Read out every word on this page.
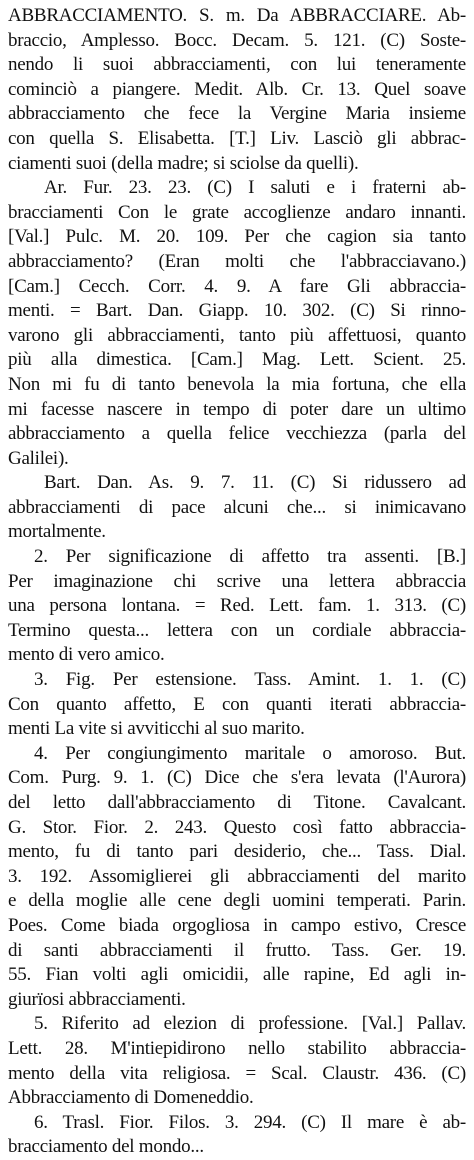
ABBRACCIAMENTO. S. m. Da ABBRACCIARE. Ab-
braccio, Amplesso. Bocc. Decam. 5. 121. (C) Soste-
nendo li suoi abbracciamenti, con lui teneramente
cominciò a piangere. Medit. Alb. Cr. 13. Quel soave
abbracciamento che fece la Vergine Maria insieme
con quella S. Elisabetta. [T.] Liv. Lasciò gli abbrac-
ciamenti suoi (della madre; si sciolse da quelli).
Ar. Fur. 23. 23. (C) I saluti e i fraterni ab-
bracciamenti Con le grate accoglienze andaro innanti.
[Val.] Pulc. M. 20. 109. Per che cagion sia tanto
abbracciamento? (Eran molti che l'abbracciavano.)
[Cam.] Cecch. Corr. 4. 9. A fare Gli abbraccia-
menti. = Bart. Dan. Giapp. 10. 302. (C) Si rinno-
varono gli abbracciamenti, tanto più affettuosi, quanto
più alla dimestica. [Cam.] Mag. Lett. Scient. 25.
Non mi fu di tanto benevola la mia fortuna, che ella
mi facesse nascere in tempo di poter dare un ultimo
abbracciamento a quella felice vecchiezza (parla del
Galilei).
Bart. Dan. As. 9. 7. 11. (C) Si ridussero ad
abbracciamenti di pace alcuni che... si inimicavano
mortalmente.
2. Per significazione di affetto tra assenti. [B.]
Per imaginazione chi scrive una lettera abbraccia
una persona lontana. = Red. Lett. fam. 1. 313. (C)
Termino questa... lettera con un cordiale abbraccia-
mento di vero amico.
3. Fig. Per estensione. Tass. Amint. 1. 1. (C)
Con quanto affetto, E con quanti iterati abbraccia-
menti La vite si avviticchi al suo marito.
4. Per congiungimento maritale o amoroso. But.
Com. Purg. 9. 1. (C) Dice che s'era levata (l'Aurora)
del letto dall'abbracciamento di Titone. Cavalcant.
G. Stor. Fior. 2. 243. Questo così fatto abbraccia-
mento, fu di tanto pari desiderio, che... Tass. Dial.
3. 192. Assomiglierei gli abbracciamenti del marito
e della moglie alle cene degli uomini temperati. Parin.
Poes. Come biada orgogliosa in campo estivo, Cresce
di santi abbracciamenti il frutto. Tass. Ger. 19.
55. Fian volti agli omicidii, alle rapine, Ed agli in-
giurïosi abbracciamenti.
5. Riferito ad elezion di professione. [Val.] Pallav.
Lett. 28. M'intiepidirono nello stabilito abbraccia-
mento della vita religiosa. = Scal. Claustr. 436. (C)
Abbracciamento di Domeneddio.
6. Trasl. Fior. Filos. 3. 294. (C) Il mare è ab-
bracciamento del mondo...
